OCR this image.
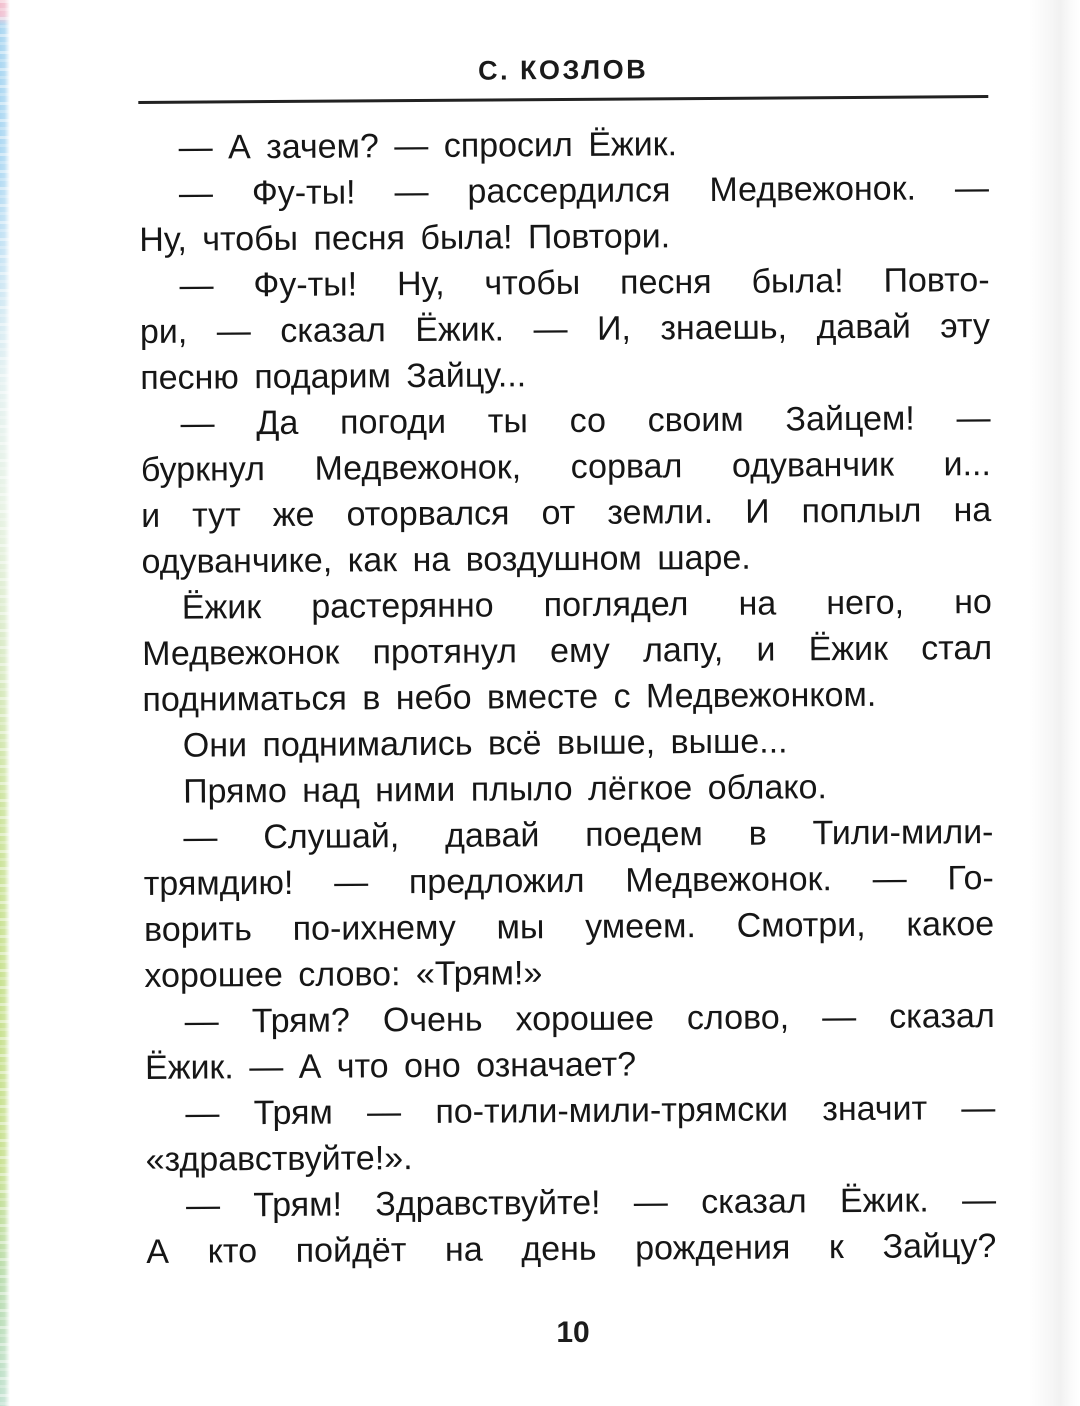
С. КОЗЛОВ
— А зачем? — спросил Ёжик.
— Фу-ты! — рассердился Медвежонок. —
Ну, чтобы песня была! Повтори.
— Фу-ты! Ну, чтобы песня была! Повто-
ри, — сказал Ёжик. — И, знаешь, давай эту
песню подарим Зайцу...
— Да погоди ты со своим Зайцем! —
буркнул Медвежонок, сорвал одуванчик и...
и тут же оторвался от земли. И поплыл на
одуванчике, как на воздушном шаре.
Ёжик растерянно поглядел на него, но
Медвежонок протянул ему лапу, и Ёжик стал
подниматься в небо вместе с Медвежонком.
Они поднимались всё выше, выше...
Прямо над ними плыло лёгкое облако.
— Слушай, давай поедем в Тили-мили-
трямдию! — предложил Медвежонок. — Го-
ворить по-ихнему мы умеем. Смотри, какое
хорошее слово: «Трям!»
— Трям? Очень хорошее слово, — сказал
Ёжик. — А что оно означает?
— Трям — по-тили-мили-трямски значит —
«здравствуйте!».
— Трям! Здравствуйте! — сказал Ёжик. —
А кто пойдёт на день рождения к Зайцу?
10
